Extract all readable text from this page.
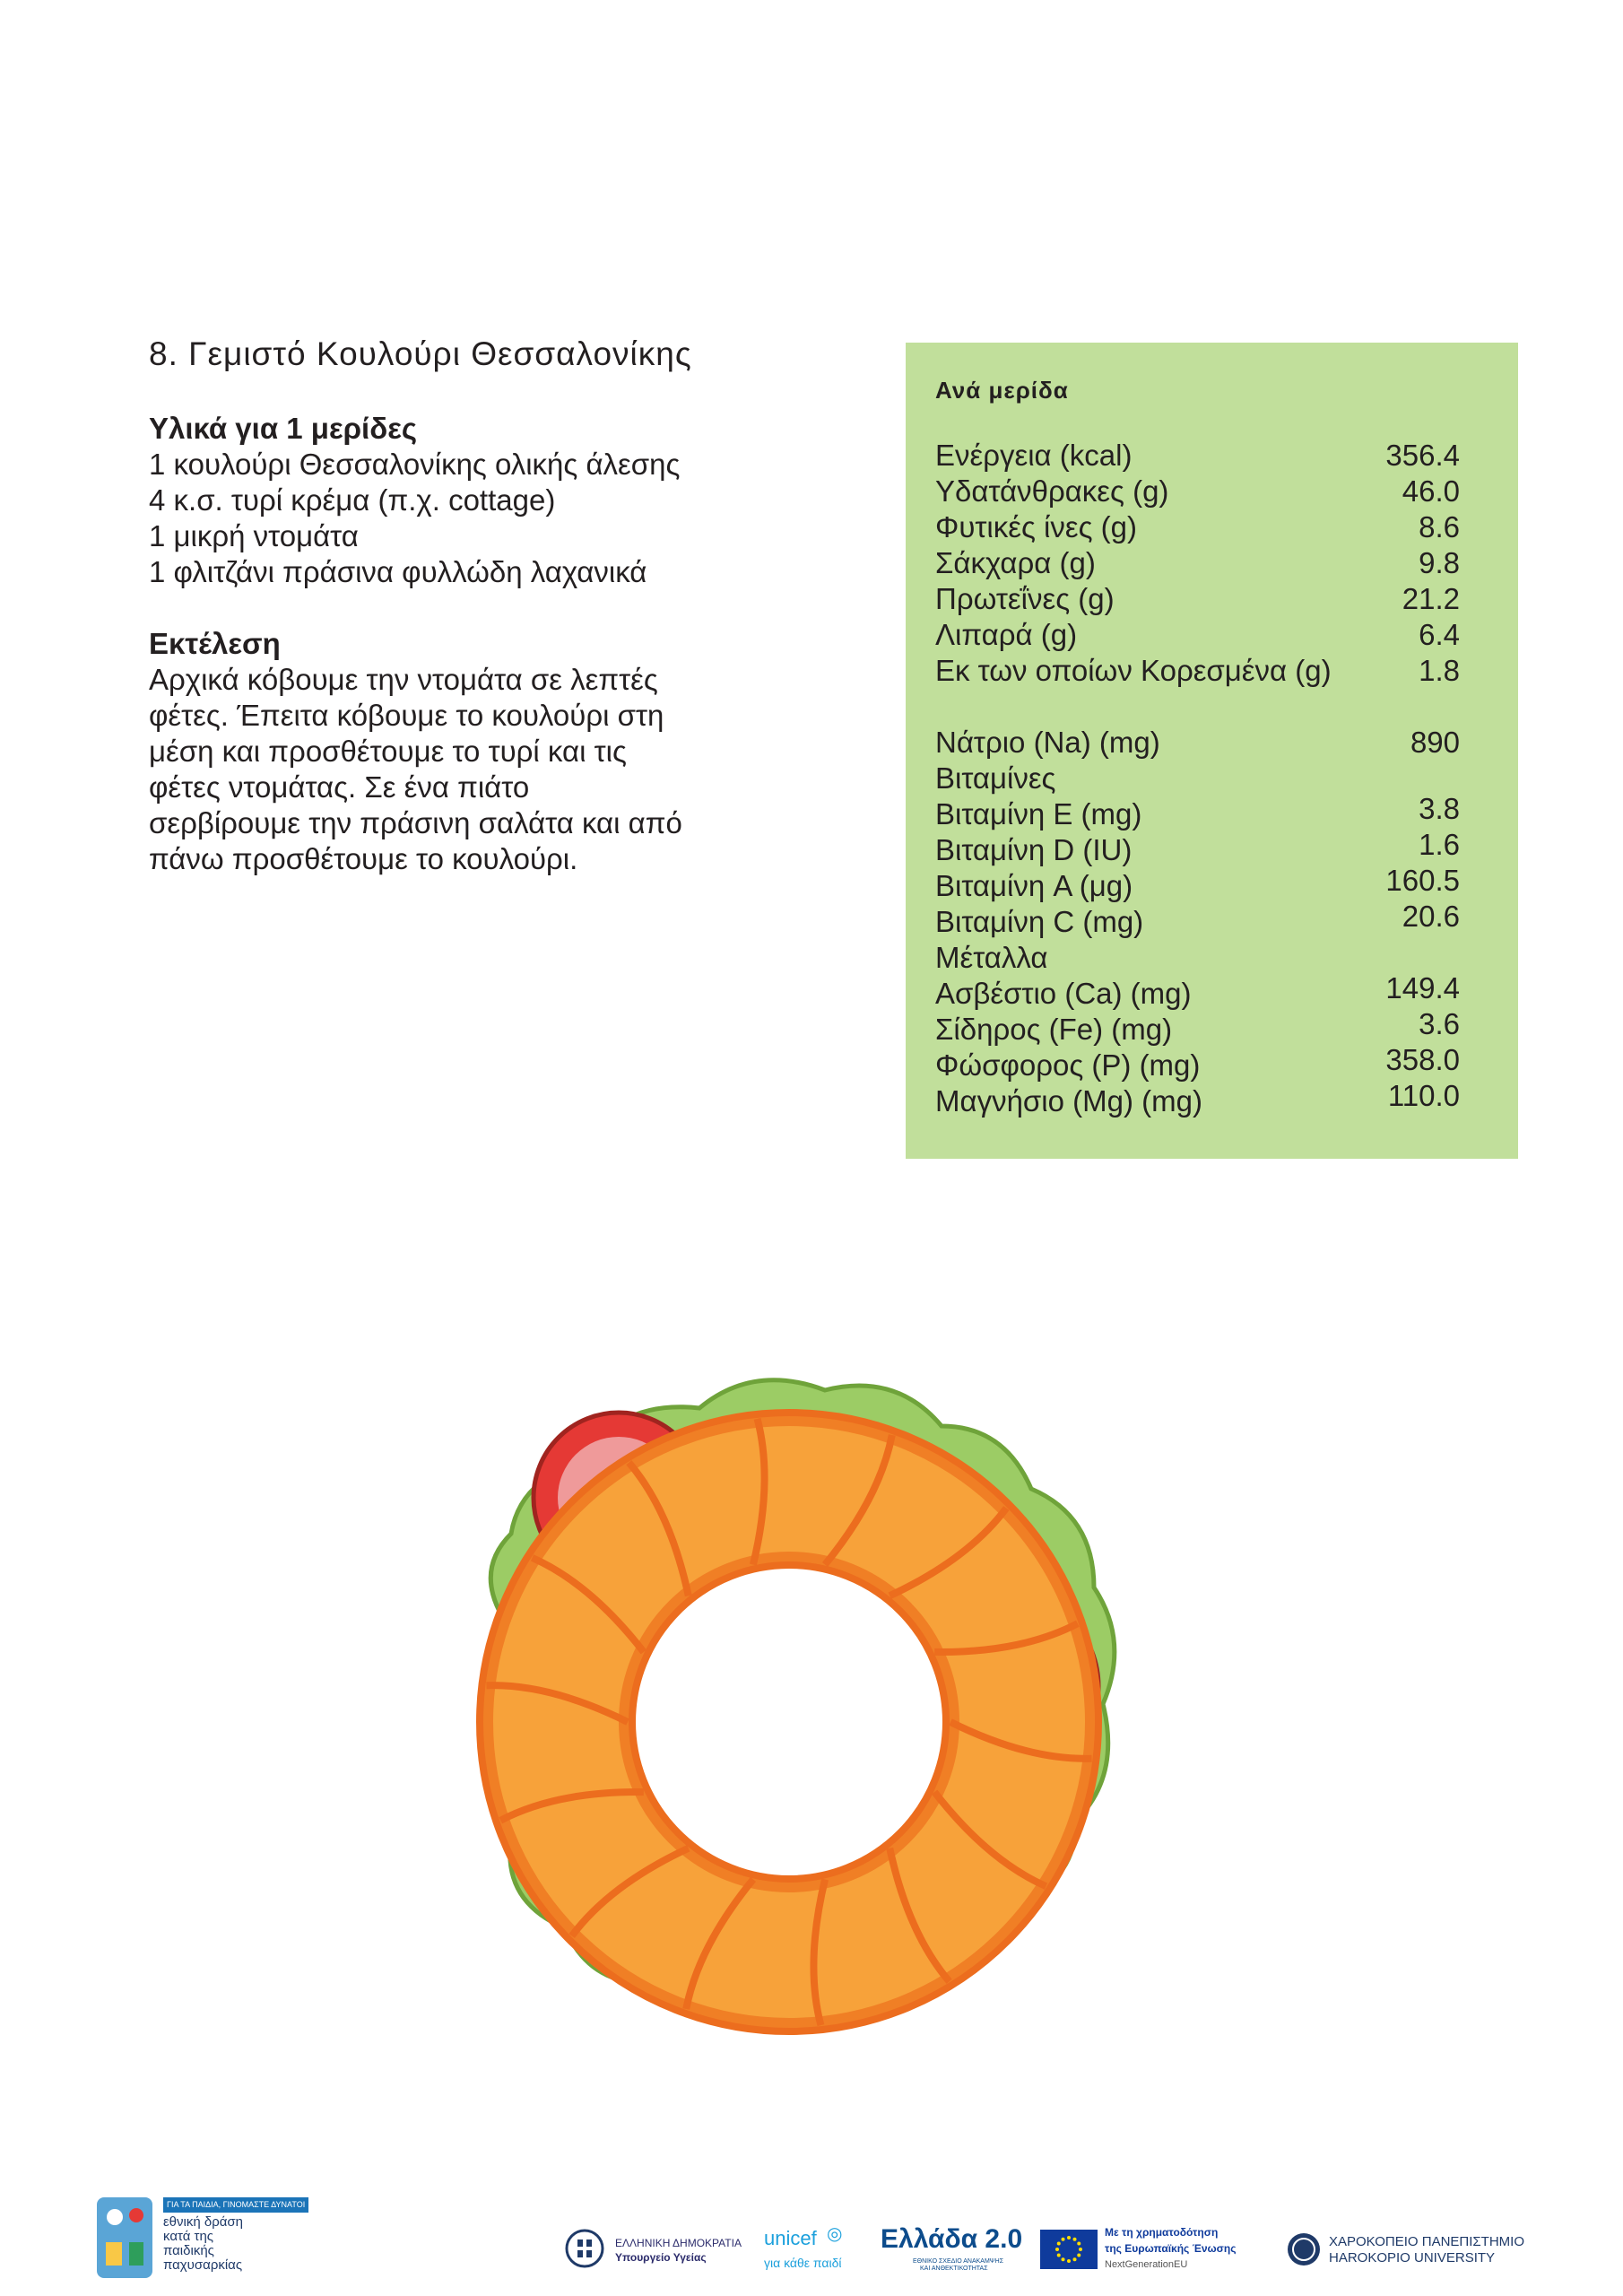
8. Γεμιστό Κουλούρι Θεσσαλονίκης
Υλικά για 1 μερίδες
1 κουλούρι Θεσσαλονίκης ολικής άλεσης
4 κ.σ. τυρί κρέμα (π.χ. cottage)
1 μικρή ντομάτα
1 φλιτζάνι πράσινα φυλλώδη λαχανικά
Εκτέλεση
Αρχικά κόβουμε την ντομάτα σε λεπτές
φέτες. Έπειτα κόβουμε το κουλούρι στη
μέση και προσθέτουμε το τυρί και τις
φέτες ντομάτας. Σε ένα πιάτο
σερβίρουμε την πράσινη σαλάτα και από
πάνω προσθέτουμε το κουλούρι.
Ανά μερίδα
Ενέργεια (kcal)	356.4
Υδατάνθρακες (g)	46.0
Φυτικές ίνες (g)	8.6
Σάκχαρα (g)	9.8
Πρωτεΐνες (g)	21.2
Λιπαρά (g)	6.4
Εκ των οποίων Κορεσμένα (g)	1.8
Νάτριο (Na) (mg)	890
Βιταμίνες
Βιταμίνη E (mg)	3.8
Βιταμίνη D (IU)	1.6
Βιταμίνη A (μg)	160.5
Βιταμίνη C (mg)	20.6
Μέταλλα
Ασβέστιο (Ca) (mg)	149.4
Σίδηρος (Fe) (mg)	3.6
Φώσφορος (P) (mg)	358.0
Μαγνήσιο (Mg) (mg)	110.0
ΓΙΑ ΤΑ ΠΑΙΔΙΑ, ΓΙΝΟΜΑΣΤΕ ΔΥΝΑΤΟΙ
εθνική δράση
κατά της
παιδικής
παχυσαρκίας
ΕΛΛΗΝΙΚΗ ΔΗΜΟΚΡΑΤΙΑ
Υπουργείο Υγείας
unicef ◎
για κάθε παιδί
Ελλάδα 2.0
ΕΘΝΙΚΟ ΣΧΕΔΙΟ ΑΝΑΚΑΜΨΗΣ
ΚΑΙ ΑΝΘΕΚΤΙΚΟΤΗΤΑΣ
Με τη χρηματοδότηση
της Ευρωπαϊκής Ένωσης
NextGenerationEU
ΧΑΡΟΚΟΠΕΙΟ ΠΑΝΕΠΙΣΤΗΜΙΟ
HAROKOPIO UNIVERSITY
